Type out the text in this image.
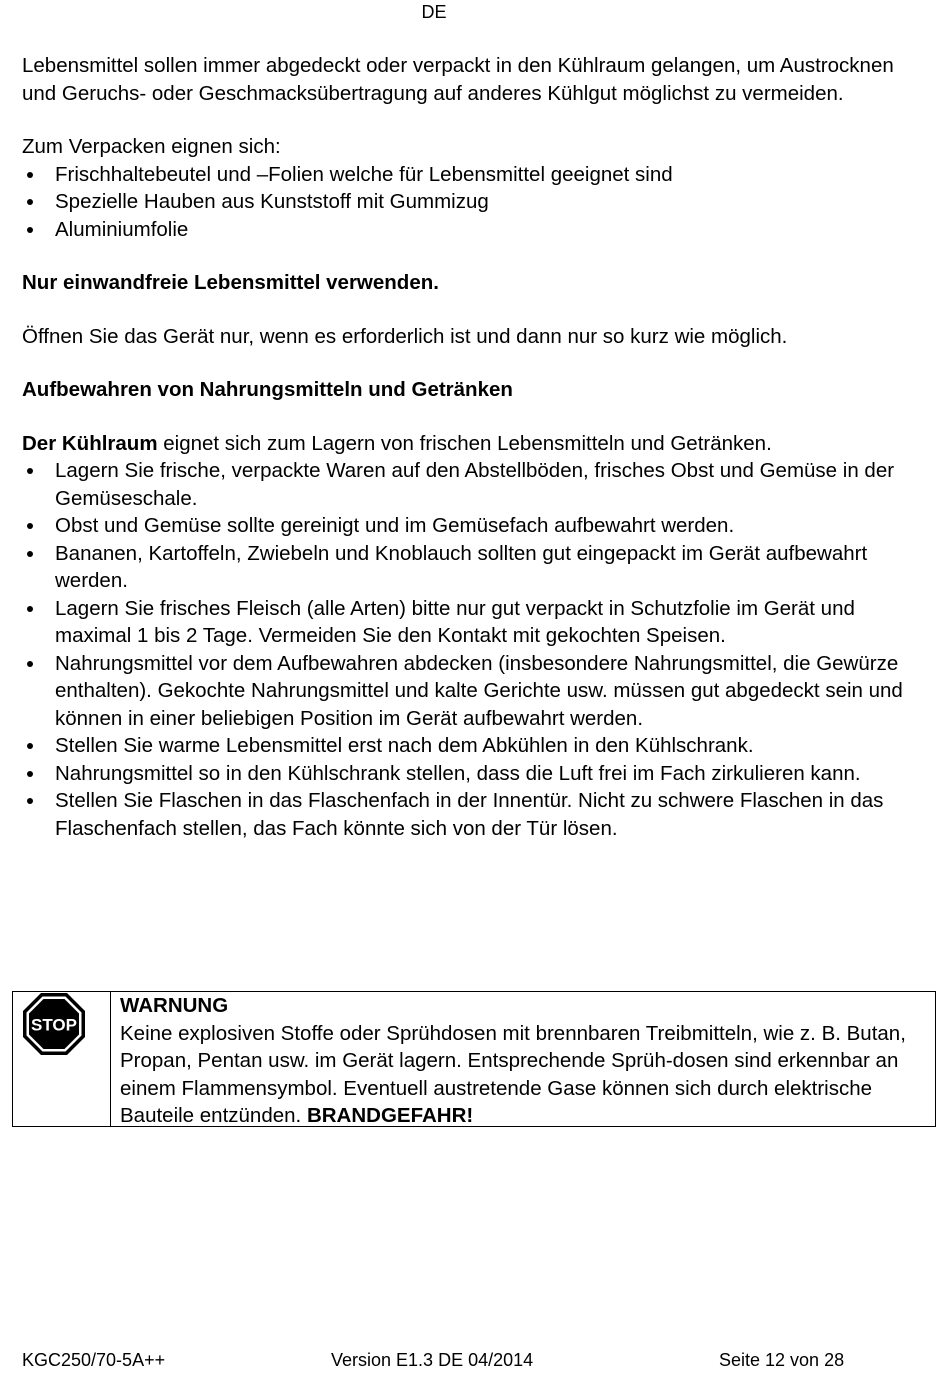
DE

Lebensmittel sollen immer abgedeckt oder verpackt in den Kühlraum gelangen, um Austrocknen und Geruchs- oder Geschmacksübertragung auf anderes Kühlgut möglichst zu vermeiden.

Zum Verpacken eignen sich:

Frischhaltebeutel und –Folien welche für Lebensmittel geeignet sind
Spezielle Hauben aus Kunststoff mit Gummizug
Aluminiumfolie

Nur einwandfreie Lebensmittel verwenden.

Öffnen Sie das Gerät nur, wenn es erforderlich ist und dann nur so kurz wie möglich.

Aufbewahren von Nahrungsmitteln und Getränken

Der Kühlraum eignet sich zum Lagern von frischen Lebensmitteln und Getränken.

Lagern Sie frische, verpackte Waren auf den Abstellböden, frisches Obst und Gemüse in der Gemüseschale.
Obst und Gemüse sollte gereinigt und im Gemüsefach aufbewahrt werden.
Bananen, Kartoffeln, Zwiebeln und Knoblauch sollten gut eingepackt im Gerät aufbewahrt werden.
Lagern Sie frisches Fleisch (alle Arten) bitte nur gut verpackt in Schutzfolie im Gerät und maximal 1 bis 2 Tage. Vermeiden Sie den Kontakt mit gekochten Speisen.
Nahrungsmittel vor dem Aufbewahren abdecken (insbesondere Nahrungsmittel, die Gewürze enthalten). Gekochte Nahrungsmittel und kalte Gerichte usw. müssen gut abgedeckt sein und können in einer beliebigen Position im Gerät aufbewahrt werden.
Stellen Sie warme Lebensmittel erst nach dem Abkühlen in den Kühlschrank.
Nahrungsmittel so in den Kühlschrank stellen, dass die Luft frei im Fach zirkulieren kann.
Stellen Sie Flaschen in das Flaschenfach in der Innentür. Nicht zu schwere Flaschen in das Flaschenfach stellen, das Fach könnte sich von der Tür lösen.
STOP

WARNUNG

Keine explosiven Stoffe oder Sprühdosen mit brennbaren Treibmitteln, wie z. B. Butan, Propan, Pentan usw. im Gerät lagern. Entsprechende Sprüh-dosen sind erkennbar an einem Flammensymbol. Eventuell austretende Gase können sich durch elektrische Bauteile entzünden. BRANDGEFAHR!

KGC250/70-5A++	Version E1.3 DE 04/2014	Seite 12 von 28
